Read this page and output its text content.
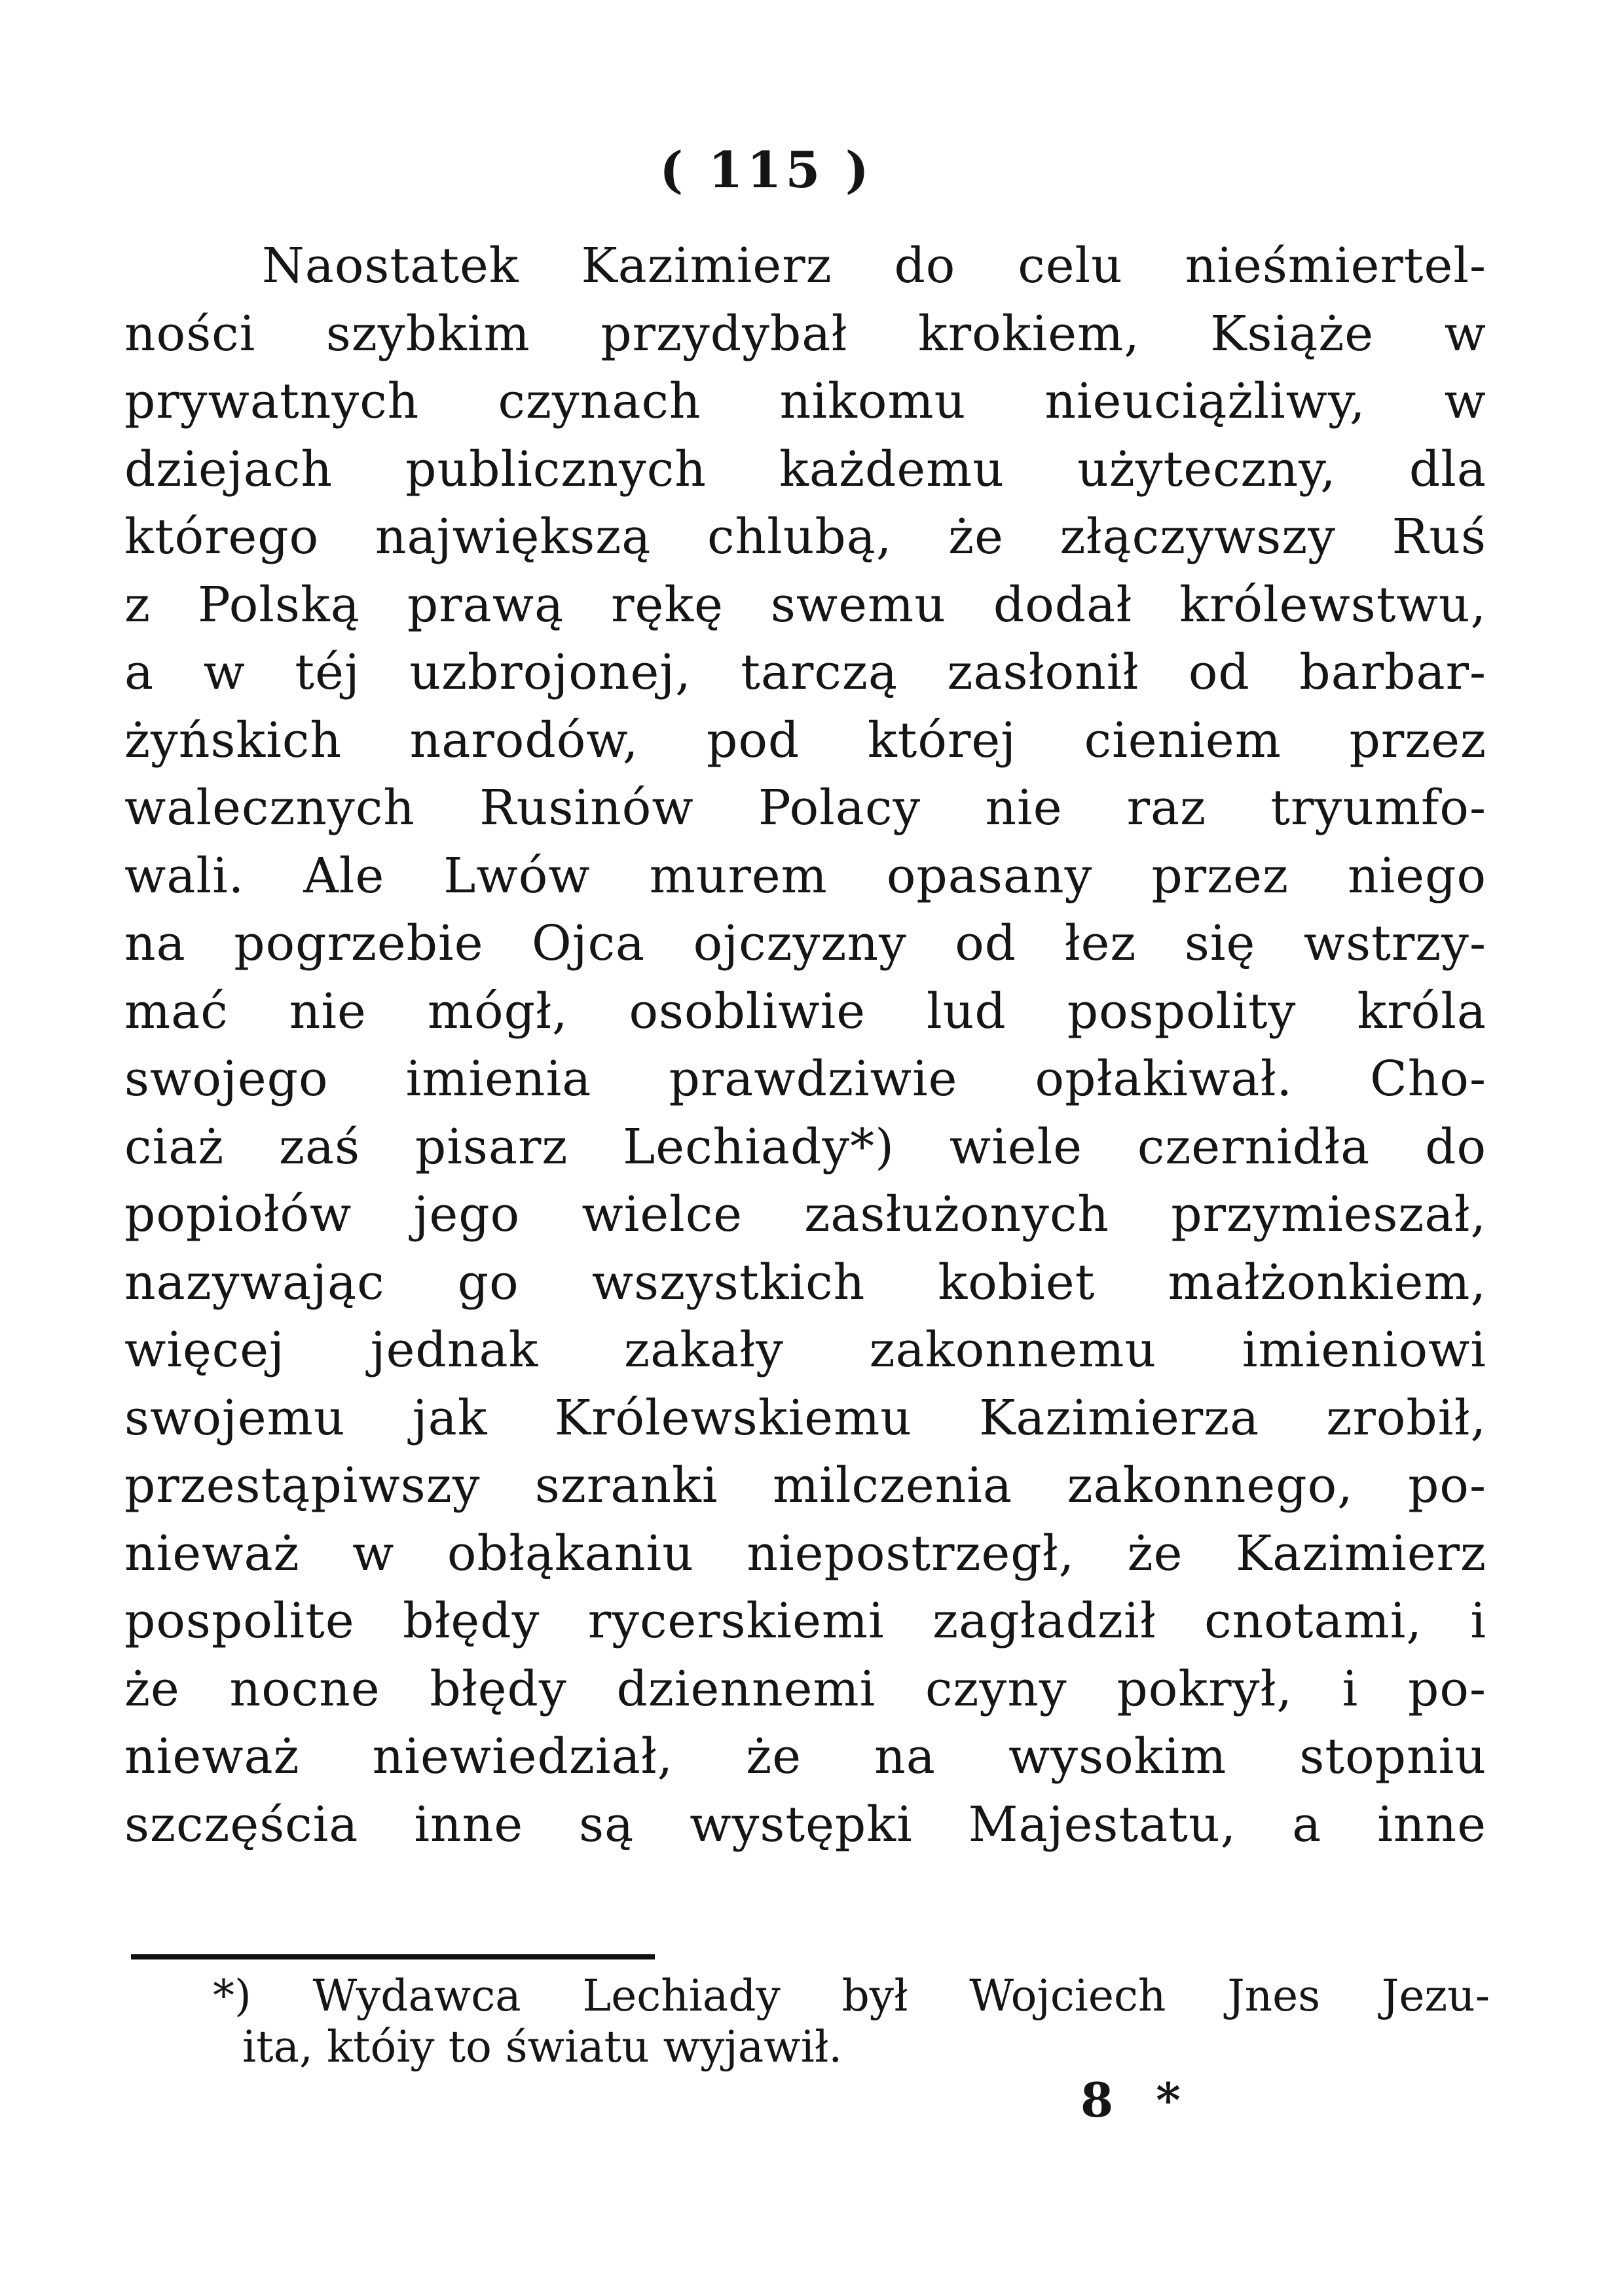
( 115 )
Naostatek Kazimierz do celu nieśmiertel-
ności szybkim przydybał krokiem, Książe w
prywatnych czynach nikomu nieuciążliwy, w
dziejach publicznych każdemu użyteczny, dla
którego największą chlubą, że złączywszy Ruś
z Polską prawą rękę swemu dodał królewstwu,
a w téj uzbrojonej, tarczą zasłonił od barbar-
żyńskich narodów, pod której cieniem przez
walecznych Rusinów Polacy nie raz tryumfo-
wali. Ale Lwów murem opasany przez niego
na pogrzebie Ojca ojczyzny od łez się wstrzy-
mać nie mógł, osobliwie lud pospolity króla
swojego imienia prawdziwie opłakiwał. Cho-
ciaż zaś pisarz Lechiady*) wiele czernidła do
popiołów jego wielce zasłużonych przymieszał,
nazywając go wszystkich kobiet małżonkiem,
więcej jednak zakały zakonnemu imieniowi
swojemu jak Królewskiemu Kazimierza zrobił,
przestąpiwszy szranki milczenia zakonnego, po-
nieważ w obłąkaniu niepostrzegł, że Kazimierz
pospolite błędy rycerskiemi zagładził cnotami, i
że nocne błędy dziennemi czyny pokrył, i po-
nieważ niewiedział, że na wysokim stopniu
szczęścia inne są występki Majestatu, a inne
*) Wydawca Lechiady był Wojciech Jnes Jezu-
ita, któiy to światu wyjawił.
8 *
